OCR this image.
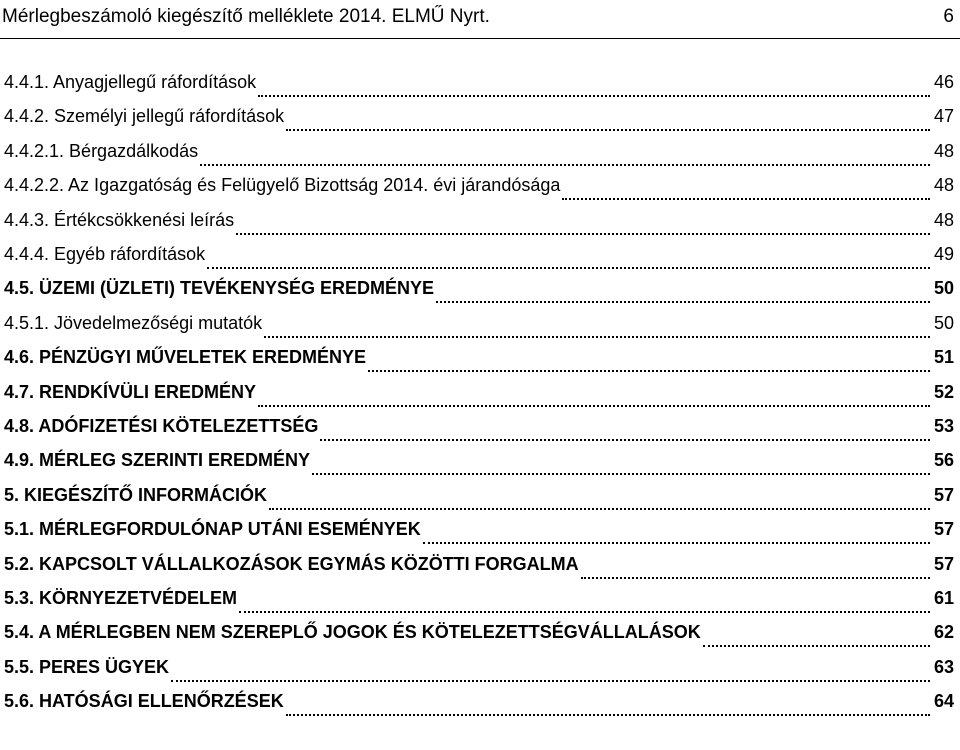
Mérlegbeszámoló kiegészítő melléklete 2014. ELMŰ Nyrt.	6
4.4.1. Anyagjellegű ráfordítások	46
4.4.2. Személyi jellegű ráfordítások	47
4.4.2.1. Bérgazdálkodás	48
4.4.2.2. Az Igazgatóság és Felügyelő Bizottság 2014. évi járandósága	48
4.4.3. Értékcsökkenési leírás	48
4.4.4. Egyéb ráfordítások	49
4.5. ÜZEMI (ÜZLETI) TEVÉKENYSÉG EREDMÉNYE	50
4.5.1. Jövedelmezőségi mutatók	50
4.6. PÉNZÜGYI MŰVELETEK EREDMÉNYE	51
4.7. RENDKÍVÜLI EREDMÉNY	52
4.8. ADÓFIZETÉSI KÖTELEZETTSÉG	53
4.9. MÉRLEG SZERINTI EREDMÉNY	56
5. KIEGÉSZÍTŐ INFORMÁCIÓK	57
5.1. MÉRLEGFORDULÓNAP UTÁNI ESEMÉNYEK	57
5.2. KAPCSOLT VÁLLALKOZÁSOK EGYMÁS KÖZÖTTI FORGALMA	57
5.3. KÖRNYEZETVÉDELEM	61
5.4. A MÉRLEGBEN NEM SZEREPLŐ JOGOK ÉS KÖTELEZETTSÉGVÁLLALÁSOK	62
5.5. PERES ÜGYEK	63
5.6. HATÓSÁGI ELLENŐRZÉSEK	64
